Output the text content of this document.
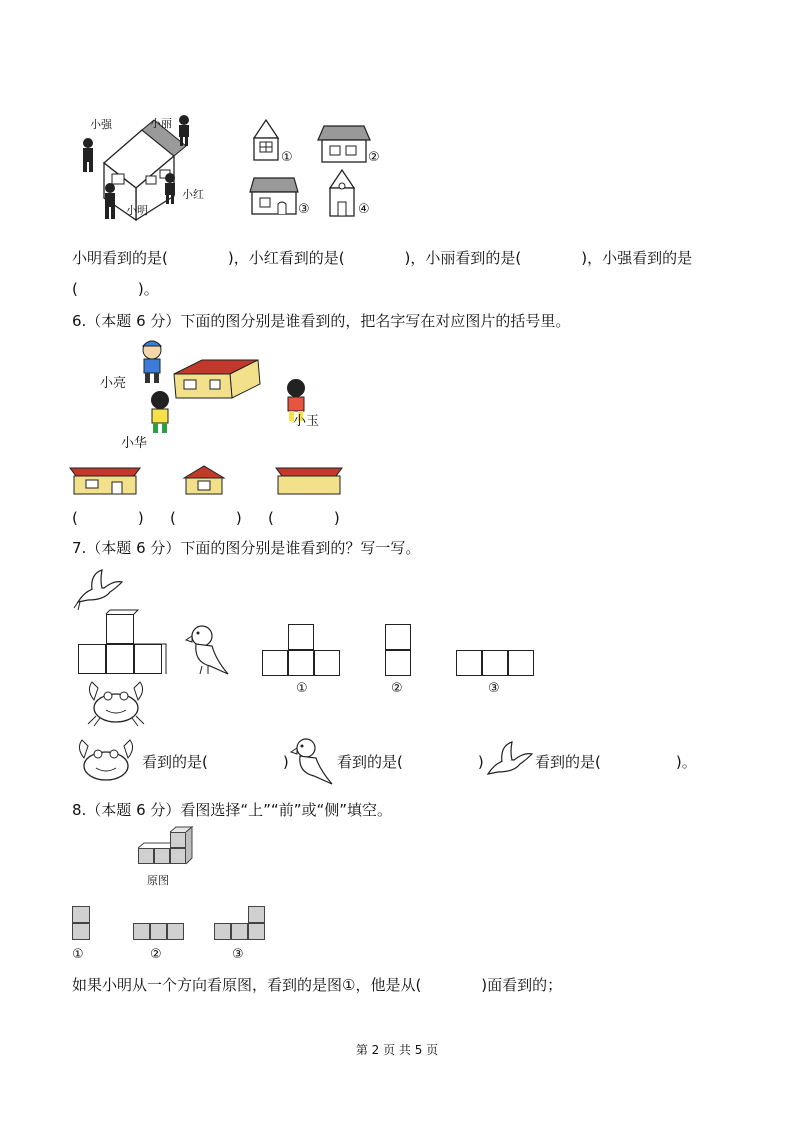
小强	小丽
小红
小明
①	②
③	④
小明看到的是(　　　　)，小红看到的是(　　　　)，小丽看到的是(　　　　)，小强看到的是
(　　　　)。
6.（本题 6 分）下面的图分别是谁看到的，把名字写在对应图片的括号里。
小亮
小华
小玉
(　　　　) (　　　　) (　　　　)
7.（本题 6 分）下面的图分别是谁看到的？写一写。
①	②	③
看到的是(　　　　　)	看到的是(　　　　　)	看到的是(　　　　　)。
8.（本题 6 分）看图选择“上”“前”或“侧”填空。
原图
①	②	③
如果小明从一个方向看原图，看到的是图①，他是从(　　　　)面看到的；
第 2 页 共 5 页
